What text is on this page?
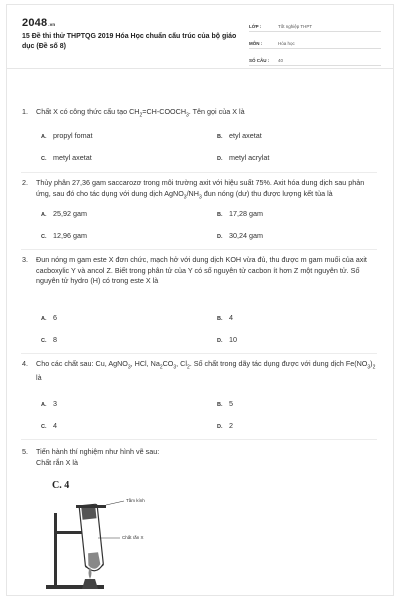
2048.vn
15 Đề thi thử THPTQG 2019 Hóa Học chuẩn cấu trúc của bộ giáo dục (Đề số 8)
LỚP :	Tốt nghiệp THPT
MÔN :	Hóa học
SỐ CÂU :	40
1. Chất X có công thức cấu tạo $CH_2=CH-COOCH_3$. Tên gọi của X là
A. propyl fomat	B. etyl axetat
C. metyl axetat	D. metyl acrylat
2. Thủy phân 27,36 gam saccarozơ trong môi trường axit với hiệu suất 75%. Axit hóa dung dịch sau phản ứng, sau đó cho tác dụng với dung dịch $AgNO_3/NH_3$ đun nóng (dư) thu được lượng kết tủa là
A. 25,92 gam	B. 17,28 gam
C. 12,96 gam	D. 30,24 gam
3. Đun nóng m gam este X đơn chức, mạch hở với dung dịch KOH vừa đủ, thu được m gam muối của axit cacboxylic Y và ancol Z. Biết trong phân tử của Y có số nguyên tử cacbon ít hơn Z một nguyên tử. Số nguyên tử hydro (H) có trong este X là
A. 6	B. 4
C. 8	D. 10
4. Cho các chất sau: Cu, AgNO$_3$, HCl, $Na_2CO_3$, $Cl_2$. Số chất trong dãy tác dụng được với dung dịch $Fe(NO_3)_2$ là
A. 3	B. 5
C. 4	D. 2
5. Tiến hành thí nghiệm như hình vẽ sau:
Chất rắn X là
C. 4
Tầm kính
Chất rắn X
